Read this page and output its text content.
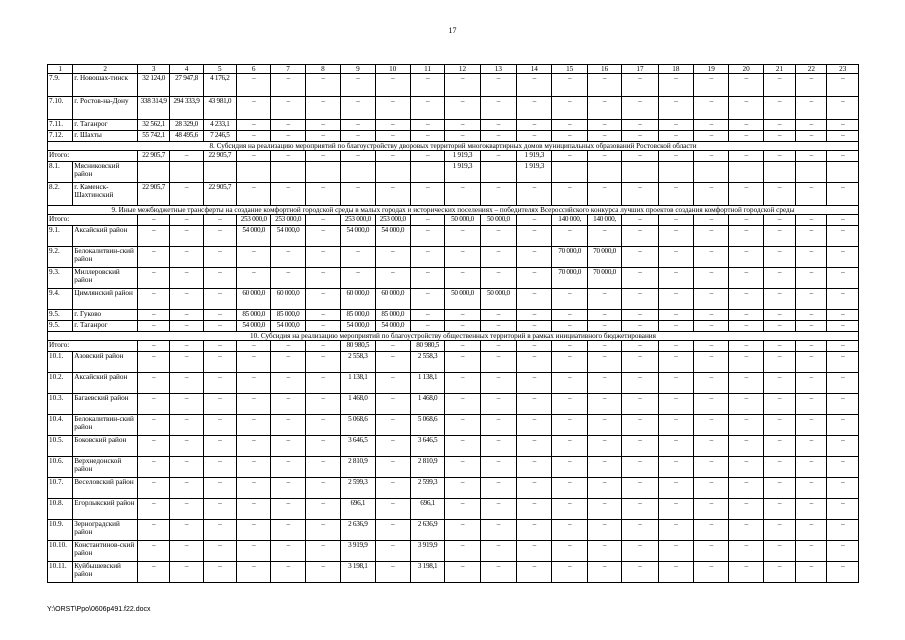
17
1	2	3	4	5	6	7	8	9	10	11	12	13	14	15	16	17	18	19	20	21	22	23
7.9.	г. Новошах-тинск	32 124,0	27 947,8	4 176,2	–	–	–	–	–	–	–	–	–	–	–	–	–	–	–	–	–	–
7.10.	г. Ростов-на-Дону	338 314,9	294 333,9	43 981,0	–	–	–	–	–	–	–	–	–	–	–	–	–	–	–	–	–	–
7.11.	г. Таганрог	32 562,1	28 329,0	4 233,1	–	–	–	–	–	–	–	–	–	–	–	–	–	–	–	–	–	–
7.12.	г. Шахты	55 742,1	48 495,6	7 246,5	–	–	–	–	–	–	–	–	–	–	–	–	–	–	–	–	–	–
8. Субсидия на реализацию мероприятий по благоустройству дворовых территорий многоквартирных домов муниципальных образований Ростовской области																						
Итого:		22 905,7	–	22 905,7	–	–	–	–	–	–	1 919,3	–	1 919,3	–	–	–	–	–	–	–	–	–
8.1.	Мясниковский район										1 919,3		1 919,3									
8.2.	г. Каменск-Шахтинский	22 905,7	–	22 905,7	–	–	–	–	–	–	–	–	–	–	–	–	–	–	–	–	–	–
9. Иные межбюджетные трансферты на создание комфортной городской среды в малых городах и исторических поселениях – победителях Всероссийского конкурса лучших проектов создания комфортной городской среды																						
Итого:		–	–	–	253 000,0	253 000,0	–	253 000,0	253 000,0	–	50 000,0	50 000,0	–	140 000,	140 000,	–	–	–	–	–	–	–
9.1.	Аксайский район	–	–	–	54 000,0	54 000,0	–	54 000,0	54 000,0	–	–	–	–	–	–	–	–	–	–	–	–	–
9.2.	Белокалитвин-ский район	–	–	–	–	–	–	–	–	–	–	–	–	70 000,0	70 000,0	–	–	–	–	–	–	–
9.3.	Миллеровский район	–	–	–	–	–	–	–	–	–	–	–	–	70 000,0	70 000,0	–	–	–	–	–	–	–
9.4.	Цимлянский район	–	–	–	60 000,0	60 000,0	–	60 000,0	60 000,0	–	50 000,0	50 000,0	–	–	–	–	–	–	–	–	–	–
9.5.	г. Гуково	–	–	–	85 000,0	85 000,0	–	85 000,0	85 000,0	–	–	–	–	–	–	–	–	–	–	–	–	–
9.5.	г. Таганрог	–	–	–	54 000,0	54 000,0	–	54 000,0	54 000,0	–	–	–	–	–	–	–	–	–	–	–	–	–
10. Субсидия на реализацию мероприятий по благоустройству общественных территорий в рамках инициативного бюджетирования																						
Итого:		–	–	–	–	–	–	80 980,5	–	80 980,5	–	–	–	–	–	–	–	–	–	–	–	–
10.1.	Азовский район	–	–	–	–	–	–	2 558,3	–	2 558,3	–	–	–	–	–	–	–	–	–	–	–	–
10.2.	Аксайский район	–	–	–	–	–	–	1 138,1	–	1 138,1	–	–	–	–	–	–	–	–	–	–	–	–
10.3.	Багаевский район	–	–	–	–	–	–	1 468,0	–	1 468,0	–	–	–	–	–	–	–	–	–	–	–	–
10.4.	Белокалитвин-ский район	–	–	–	–	–	–	5 068,6	–	5 068,6	–	–	–	–	–	–	–	–	–	–	–	–
10.5.	Боковский район	–	–	–	–	–	–	3 646,5	–	3 646,5	–	–	–	–	–	–	–	–	–	–	–	–
10.6.	Верхнедонской район	–	–	–	–	–	–	2 810,9	–	2 810,9	–	–	–	–	–	–	–	–	–	–	–	–
10.7.	Веселовский район	–	–	–	–	–	–	2 599,3	–	2 599,3	–	–	–	–	–	–	–	–	–	–	–	–
10.8.	Егорлыкский район	–	–	–	–	–	–	696,1	–	696,1	–	–	–	–	–	–	–	–	–	–	–	–
10.9.	Зерноградский район	–	–	–	–	–	–	2 636,9	–	2 636,9	–	–	–	–	–	–	–	–	–	–	–	–
10.10.	Константинов-ский район	–	–	–	–	–	–	3 919,9	–	3 919,9	–	–	–	–	–	–	–	–	–	–	–	–
10.11.	Куйбышевский район	–	–	–	–	–	–	3 198,1	–	3 198,1	–	–	–	–	–	–	–	–	–	–	–	–
Y:\ORST\Ppo\0606p491.f22.docx
